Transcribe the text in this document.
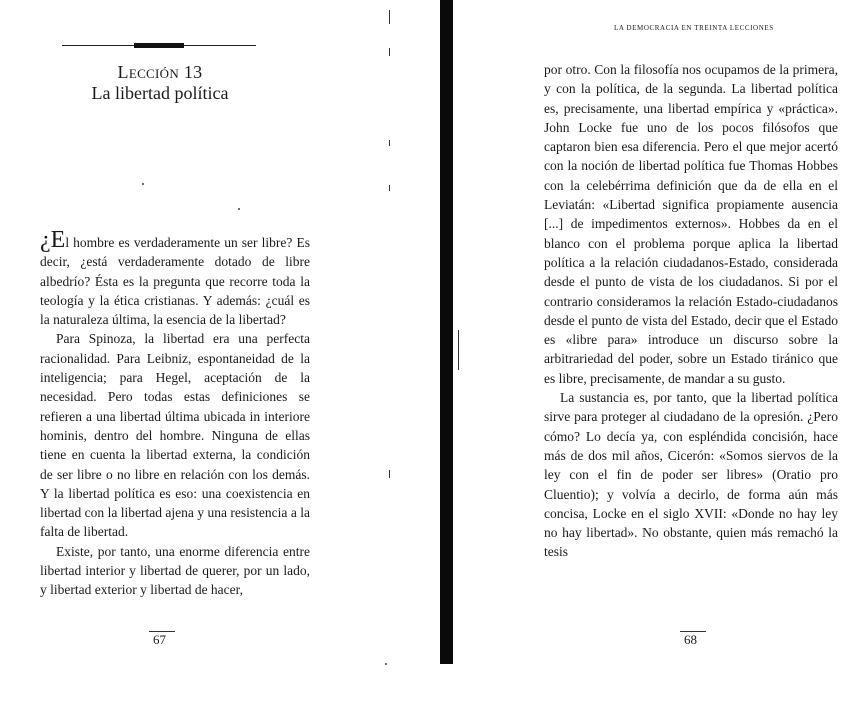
Lección 13
La libertad política

¿El hombre es verdaderamente un ser libre? Es decir, ¿está verdaderamente dotado de libre albedrío? Ésta es la pregunta que recorre toda la teología y la ética cristianas. Y además: ¿cuál es la naturaleza última, la esencia de la libertad?

Para Spinoza, la libertad era una perfecta racionalidad. Para Leibniz, espontaneidad de la inteligencia; para Hegel, aceptación de la necesidad. Pero todas estas definiciones se refieren a una libertad última ubicada in interiore hominis, dentro del hombre. Ninguna de ellas tiene en cuenta la libertad externa, la condición de ser libre o no libre en relación con los demás. Y la libertad política es eso: una coexistencia en libertad con la libertad ajena y una resistencia a la falta de libertad.

Existe, por tanto, una enorme diferencia entre libertad interior y libertad de querer, por un lado, y libertad exterior y libertad de hacer,

67
LA DEMOCRACIA EN TREINTA LECCIONES

por otro. Con la filosofía nos ocupamos de la primera, y con la política, de la segunda. La libertad política es, precisamente, una libertad empírica y «práctica». John Locke fue uno de los pocos filósofos que captaron bien esa diferencia. Pero el que mejor acertó con la noción de libertad política fue Thomas Hobbes con la celebérrima definición que da de ella en el Leviatán: «Libertad significa propiamente ausencia [...] de impedimentos externos». Hobbes da en el blanco con el problema porque aplica la libertad política a la relación ciudadanos-Estado, considerada desde el punto de vista de los ciudadanos. Si por el contrario consideramos la relación Estado-ciudadanos desde el punto de vista del Estado, decir que el Estado es «libre para» introduce un discurso sobre la arbitrariedad del poder, sobre un Estado tiránico que es libre, precisamente, de mandar a su gusto.

La sustancia es, por tanto, que la libertad política sirve para proteger al ciudadano de la opresión. ¿Pero cómo? Lo decía ya, con espléndida concisión, hace más de dos mil años, Cicerón: «Somos siervos de la ley con el fin de poder ser libres» (Oratio pro Cluentio); y volvía a decirlo, de forma aún más concisa, Locke en el siglo XVII: «Donde no hay ley no hay libertad». No obstante, quien más remachó la tesis

68
